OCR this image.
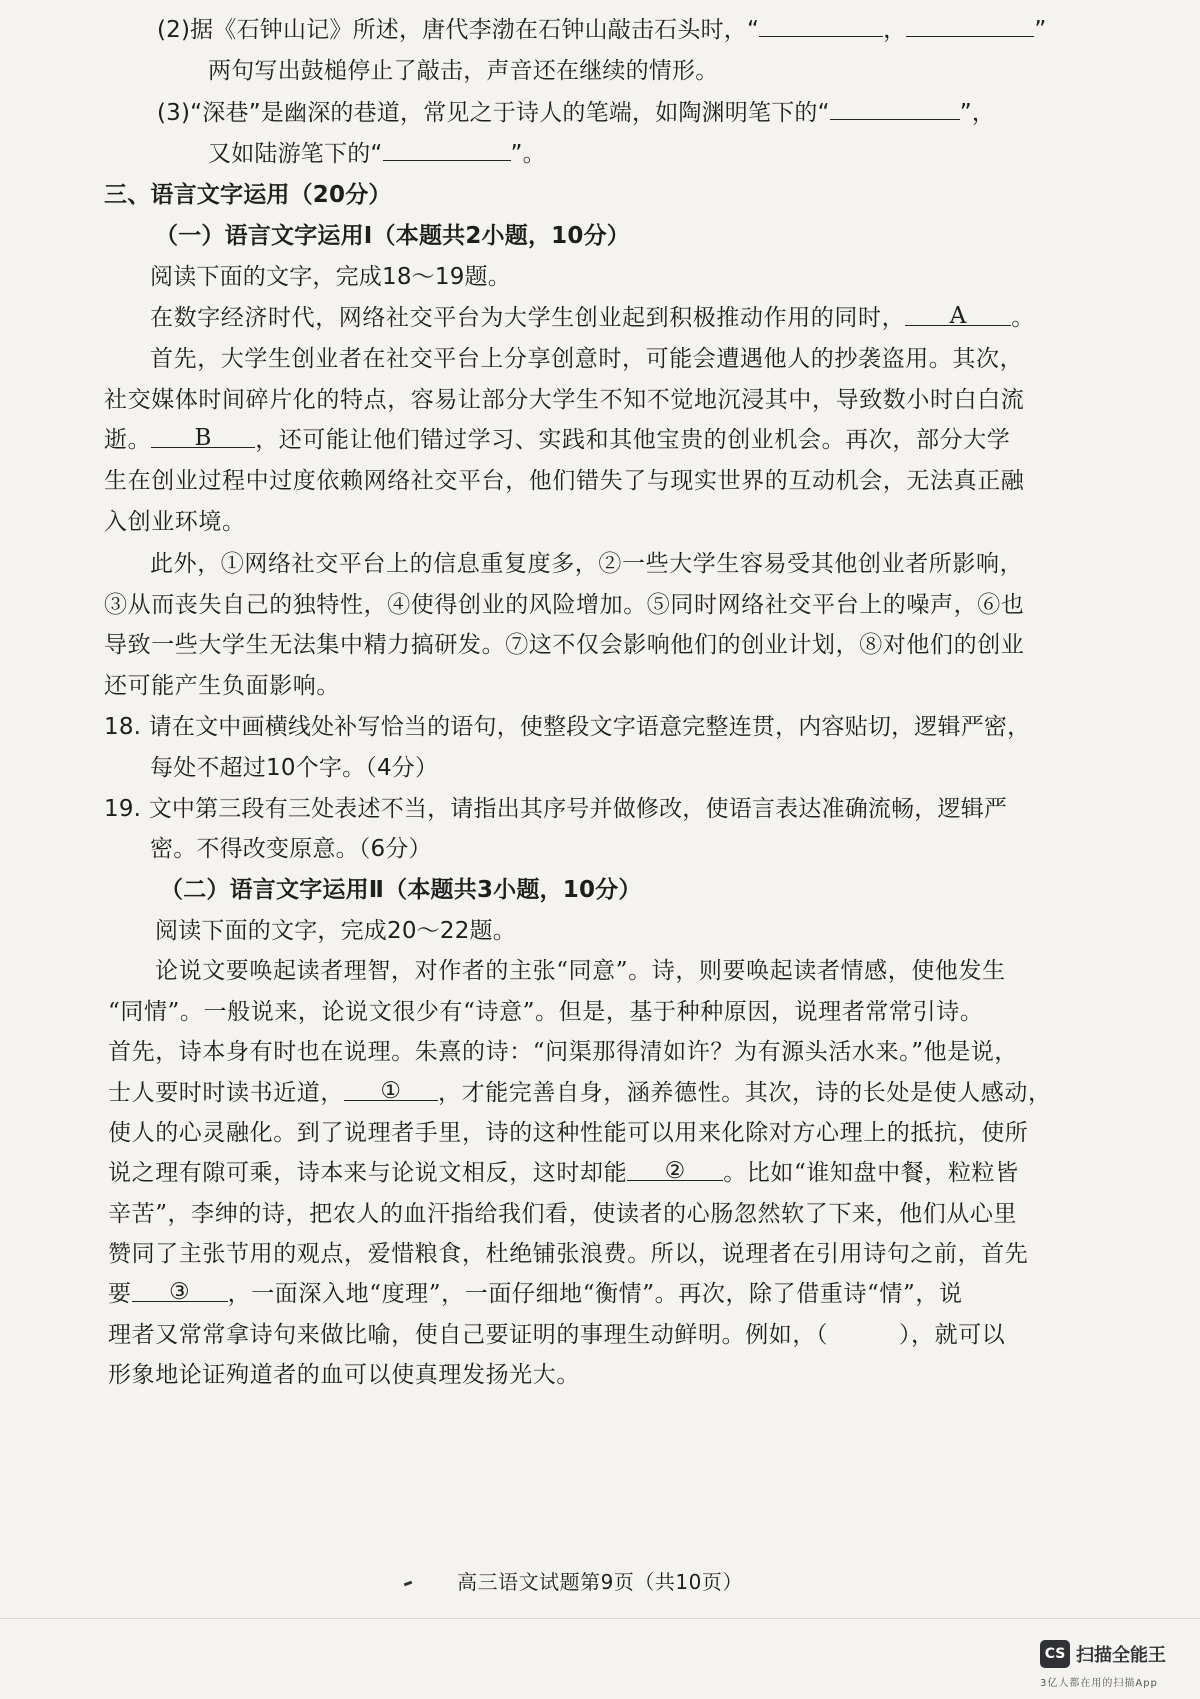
(2)据《石钟山记》所述，唐代李渤在石钟山敲击石头时，“	，	”
两句写出鼓槌停止了敲击，声音还在继续的情形。
(3)“深巷”是幽深的巷道，常见之于诗人的笔端，如陶渊明笔下的“	”，
又如陆游笔下的“	”。
三、语言文字运用（20分）
（一）语言文字运用Ⅰ（本题共2小题，10分）
阅读下面的文字，完成18～19题。
在数字经济时代，网络社交平台为大学生创业起到积极推动作用的同时， A 。
首先，大学生创业者在社交平台上分享创意时，可能会遭遇他人的抄袭盗用。其次，
社交媒体时间碎片化的特点，容易让部分大学生不知不觉地沉浸其中，导致数小时白白流
逝。 B ，还可能让他们错过学习、实践和其他宝贵的创业机会。再次，部分大学
生在创业过程中过度依赖网络社交平台，他们错失了与现实世界的互动机会，无法真正融
入创业环境。
此外，①网络社交平台上的信息重复度多，②一些大学生容易受其他创业者所影响，
③从而丧失自己的独特性，④使得创业的风险增加。⑤同时网络社交平台上的噪声，⑥也
导致一些大学生无法集中精力搞研发。⑦这不仅会影响他们的创业计划，⑧对他们的创业
还可能产生负面影响。
18. 请在文中画横线处补写恰当的语句，使整段文字语意完整连贯，内容贴切，逻辑严密，
每处不超过10个字。（4分）
19. 文中第三段有三处表述不当，请指出其序号并做修改，使语言表达准确流畅，逻辑严
密。不得改变原意。（6分）
（二）语言文字运用Ⅱ（本题共3小题，10分）
阅读下面的文字，完成20～22题。
论说文要唤起读者理智，对作者的主张“同意”。诗，则要唤起读者情感，使他发生
“同情”。一般说来，论说文很少有“诗意”。但是，基于种种原因，说理者常常引诗。
首先，诗本身有时也在说理。朱熹的诗：“问渠那得清如许？为有源头活水来。”他是说，
士人要时时读书近道， ① ，才能完善自身，涵养德性。其次，诗的长处是使人感动，
使人的心灵融化。到了说理者手里，诗的这种性能可以用来化除对方心理上的抵抗，使所
说之理有隙可乘，诗本来与论说文相反，这时却能 ② 。比如“谁知盘中餐，粒粒皆
辛苦”，李绅的诗，把农人的血汗指给我们看，使读者的心肠忽然软了下来，他们从心里
赞同了主张节用的观点，爱惜粮食，杜绝铺张浪费。所以，说理者在引用诗句之前，首先
要 ③ ，一面深入地“度理”，一面仔细地“衡情”。再次，除了借重诗“情”，说
理者又常常拿诗句来做比喻，使自己要证明的事理生动鲜明。例如，（　　　），就可以
形象地论证殉道者的血可以使真理发扬光大。
高三语文试题第9页（共10页）
CS 扫描全能王
3亿人都在用的扫描App
